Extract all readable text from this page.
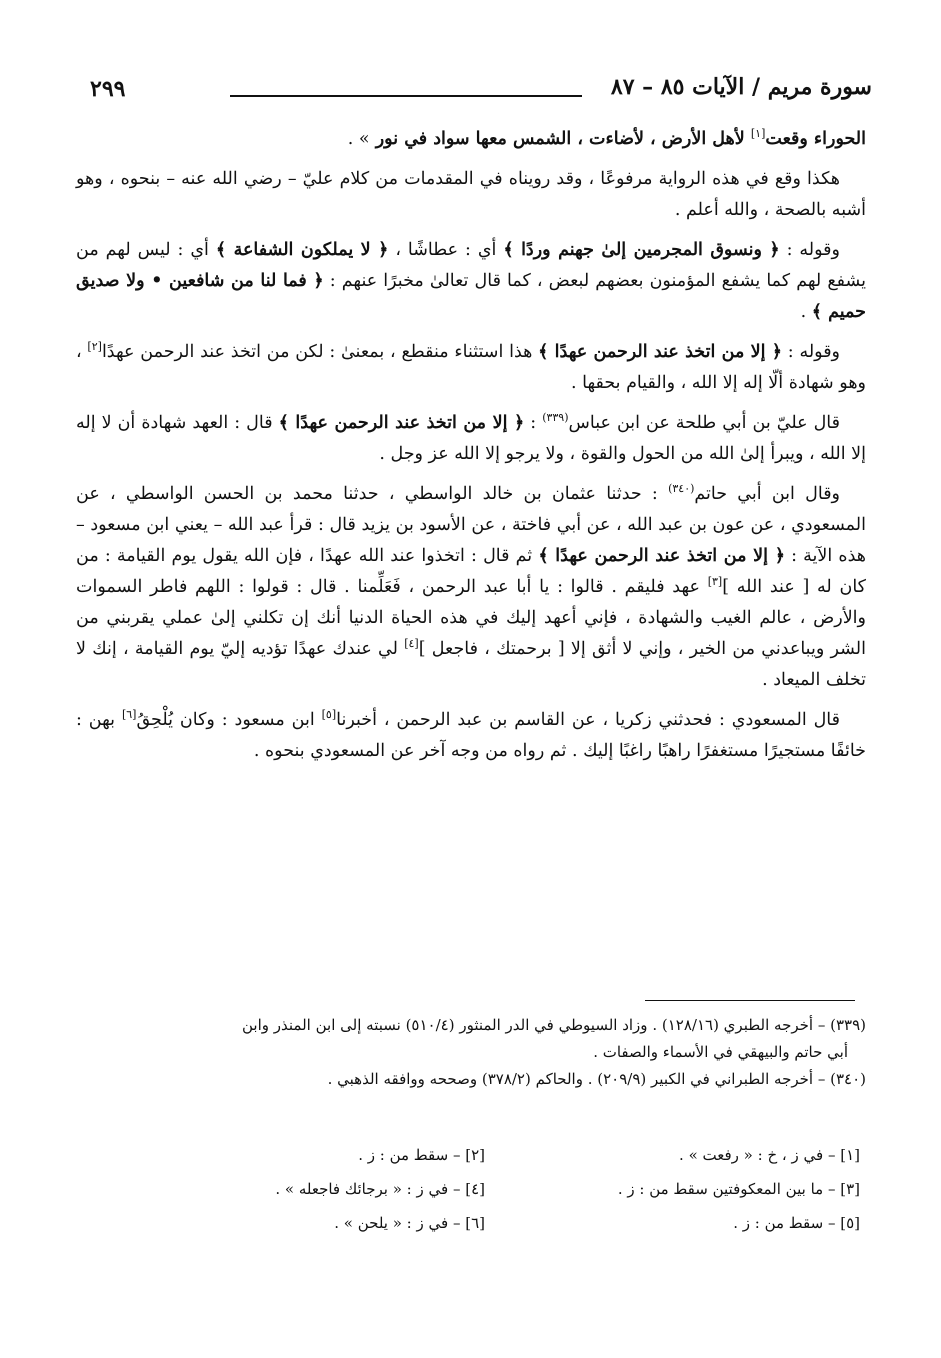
٢٩٩	سورة مريم / الآيات ٨٥ – ٨٧

الحوراء وقعت[١] لأهل الأرض ، لأضاءت ، الشمس معها سواد في نور » .

هكذا وقع في هذه الرواية مرفوعًا ، وقد رويناه في المقدمات من كلام عليّ – رضي الله عنه – بنحوه ، وهو أشبه بالصحة ، والله أعلم .

وقوله : ﴿ ونسوق المجرمين إلىٰ جهنم وردًا ﴾ أي : عطاشًا ، ﴿ لا يملكون الشفاعة ﴾ أي : ليس لهم من يشفع لهم كما يشفع المؤمنون بعضهم لبعض ، كما قال تعالىٰ مخبرًا عنهم : ﴿ فما لنا من شافعين • ولا صديق حميم ﴾ .

وقوله : ﴿ إلا من اتخذ عند الرحمن عهدًا ﴾ هذا استثناء منقطع ، بمعنىٰ : لكن من اتخذ عند الرحمن عهدًا[٢] ، وهو شهادة ألّا إله إلا الله ، والقيام بحقها .

قال عليّ بن أبي طلحة عن ابن عباس$^{(٣٣٩)}$ : ﴿ إلا من اتخذ عند الرحمن عهدًا ﴾ قال : العهد شهادة أن لا إله إلا الله ، ويبرأ إلىٰ الله من الحول والقوة ، ولا يرجو إلا الله عز وجل .

وقال ابن أبي حاتم$^{(٣٤٠)}$ : حدثنا عثمان بن خالد الواسطي ، حدثنا محمد بن الحسن الواسطي ، عن المسعودي ، عن عون بن عبد الله ، عن أبي فاختة ، عن الأسود بن يزيد قال : قرأ عبد الله – يعني ابن مسعود – هذه الآية : ﴿ إلا من اتخذ عند الرحمن عهدًا ﴾ ثم قال : اتخذوا عند الله عهدًا ، فإن الله يقول يوم القيامة : من كان له [ عند الله ][٣] عهد فليقم . قالوا : يا أبا عبد الرحمن ، فَعَلِّمنا . قال : قولوا : اللهم فاطر السموات والأرض ، عالم الغيب والشهادة ، فإني أعهد إليك في هذه الحياة الدنيا أنك إن تكلني إلىٰ عملي يقربني من الشر ويباعدني من الخير ، وإني لا أثق إلا [ برحمتك ، فاجعل ][٤] لي عندك عهدًا تؤديه إليّ يوم القيامة ، إنك لا تخلف الميعاد .

قال المسعودي : فحدثني زكريا ، عن القاسم بن عبد الرحمن ، أخبرنا[٥] ابن مسعود : وكان يُلْحِقُ[٦] بهن : خائفًا مستجيرًا مستغفرًا راهبًا راغبًا إليك . ثم رواه من وجه آخر عن المسعودي بنحوه .

(٣٣٩) – أخرجه الطبري (١٢٨/١٦) . وزاد السيوطي في الدر المنثور (٥١٠/٤) نسبته إلى ابن المنذر وابن

أبي حاتم والبيهقي في الأسماء والصفات .

(٣٤٠) – أخرجه الطبراني في الكبير (٢٠٩/٩) . والحاكم (٣٧٨/٢) وصححه ووافقه الذهبي .

[١] – في ز ، خ : « رفعت » .
[٢] – سقط من : ز .
[٣] – ما بين المعكوفتين سقط من : ز .
[٤] – في ز : « برجائك فاجعله » .
[٥] – سقط من : ز .
[٦] – في ز : « يلحن » .
